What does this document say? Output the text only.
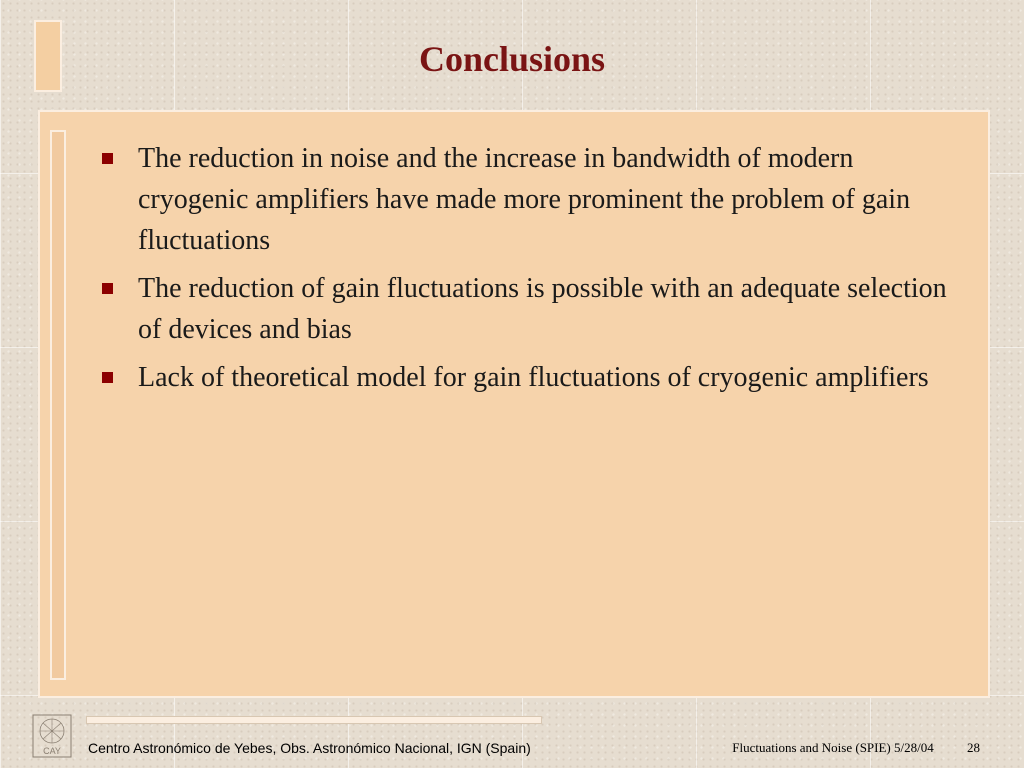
Conclusions
The reduction in noise and the increase in bandwidth of modern cryogenic amplifiers have made more prominent the problem of gain fluctuations
The reduction of gain fluctuations is possible with an adequate selection of devices and bias
Lack of theoretical model for gain fluctuations of cryogenic amplifiers
CAY Centro Astronómico de Yebes, Obs. Astronómico Nacional, IGN (Spain)	Fluctuations and Noise (SPIE) 5/28/04	28
